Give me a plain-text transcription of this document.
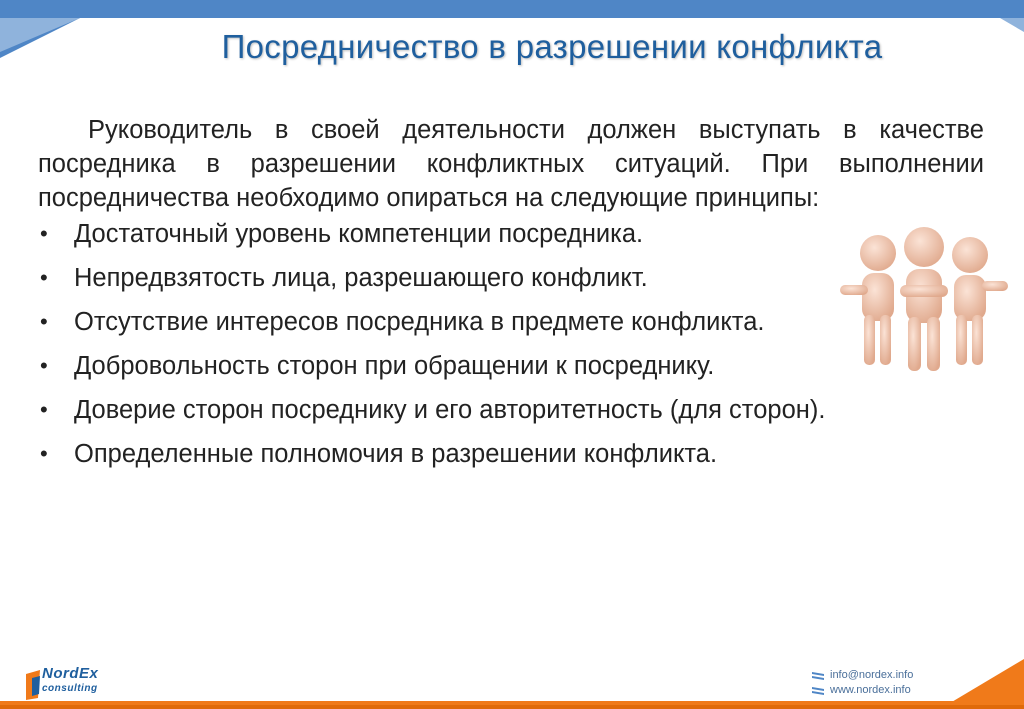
Посредничество в разрешении конфликта

Руководитель в своей деятельности должен выступать в качестве посредника в разрешении конфликтных ситуаций. При выполнении посредничества необходимо опираться на следующие принципы:

• Достаточный уровень компетенции посредника.
• Непредвзятость лица, разрешающего конфликт.
• Отсутствие интересов посредника в предмете конфликта.
• Добровольность сторон при обращении к посреднику.
• Доверие сторон посреднику и его авторитетность (для сторон).
• Определенные полномочия в разрешении конфликта.
NordEx
consulting
info@nordex.info
www.nordex.info
